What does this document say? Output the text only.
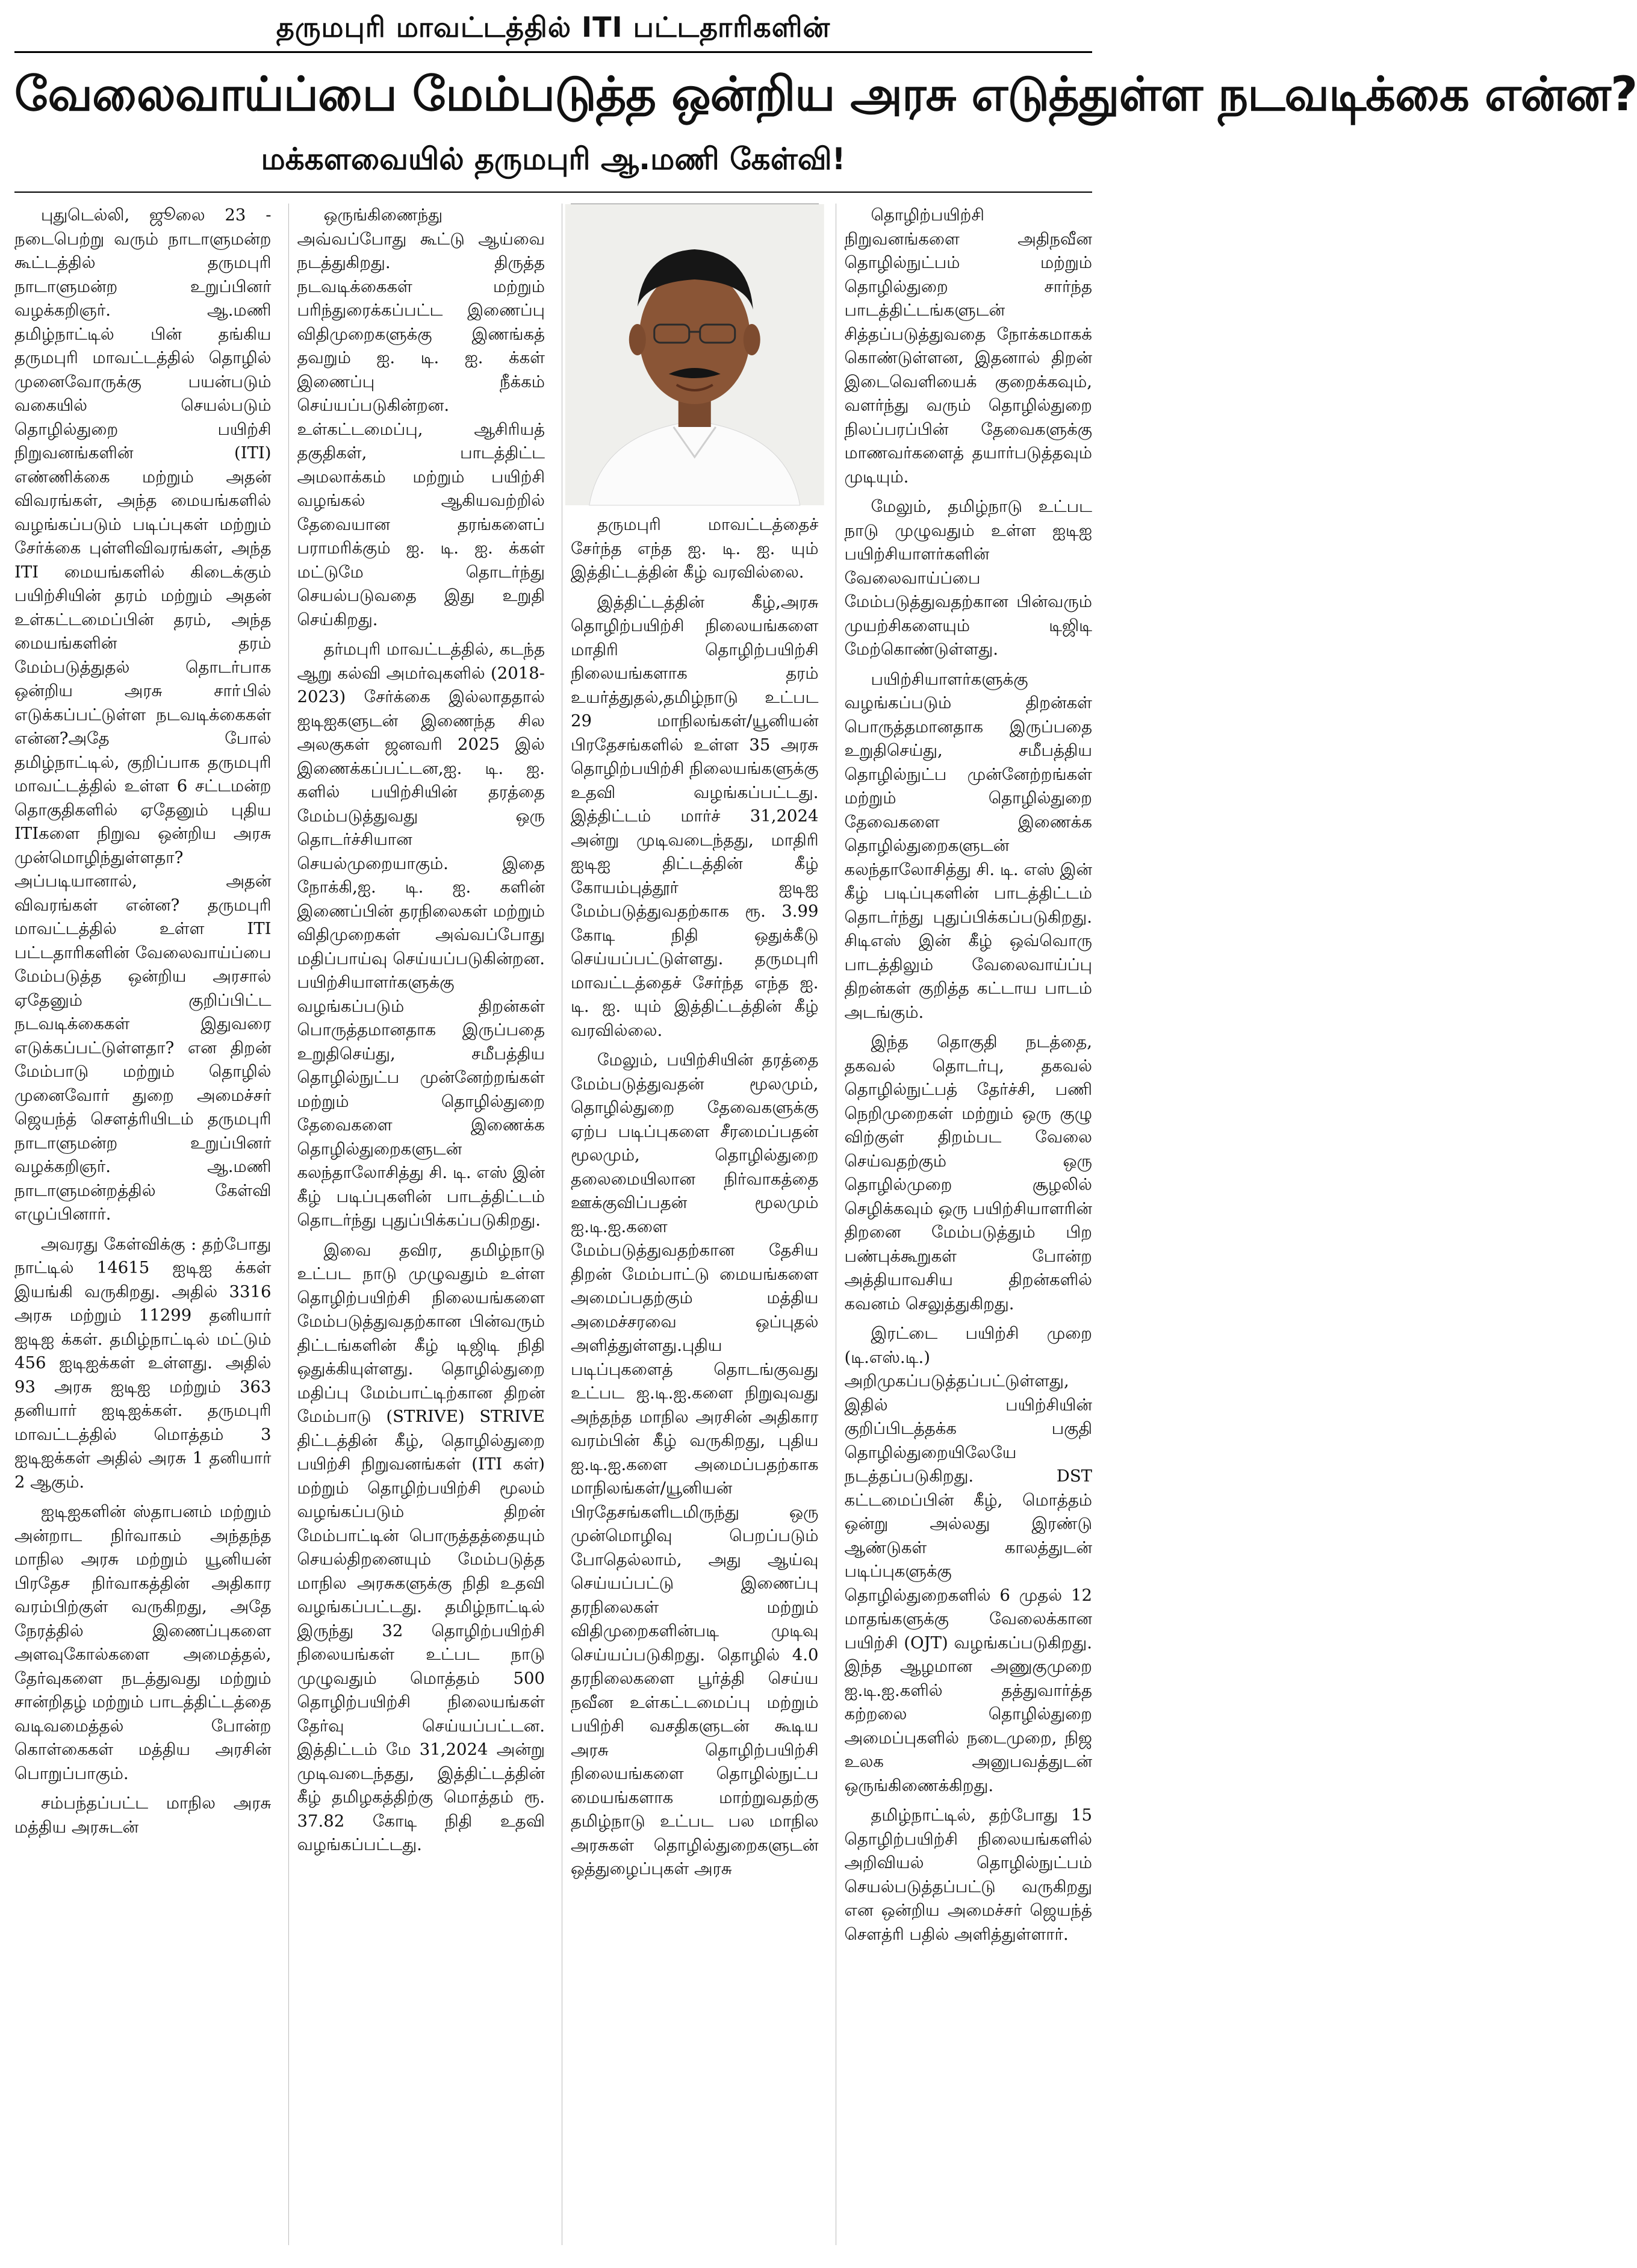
தருமபுரி மாவட்டத்தில் ITI பட்டதாரிகளின்
வேலைவாய்ப்பை மேம்படுத்த ஒன்றிய அரசு எடுத்துள்ள நடவடிக்கை என்ன?
மக்களவையில் தருமபுரி ஆ.மணி கேள்வி!

புதுடெல்லி, ஜூலை 23 - நடைபெற்று வரும் நாடாளுமன்ற கூட்டத்தில் தருமபுரி நாடாளுமன்ற உறுப்பினர் வழக்கறிஞர். ஆ.மணி தமிழ்நாட்டில் பின் தங்கிய தருமபுரி மாவட்டத்தில் தொழில் முனைவோருக்கு பயன்படும் வகையில் செயல்படும் தொழில்துறை பயிற்சி நிறுவனங்களின் (ITI) எண்ணிக்கை மற்றும் அதன் விவரங்கள், அந்த மையங்களில் வழங்கப்படும் படிப்புகள் மற்றும் சேர்க்கை புள்ளிவிவரங்கள், அந்த ITI மையங்களில் கிடைக்கும் பயிற்சியின் தரம் மற்றும் அதன் உள்கட்டமைப்பின் தரம், அந்த மையங்களின் தரம் மேம்படுத்துதல் தொடர்பாக ஒன்றிய அரசு சாா்பில் எடுக்கப்பட்டுள்ள நடவடிக்கைகள் என்ன?அதே போல் தமிழ்நாட்டில், குறிப்பாக தருமபுரி மாவட்டத்தில் உள்ள 6 சட்டமன்ற தொகுதிகளில் ஏதேனும் புதிய ITIகளை நிறுவ ஒன்றிய அரசு முன்மொழிந்துள்ளதா? அப்படியானால், அதன் விவரங்கள் என்ன? தருமபுரி மாவட்டத்தில் உள்ள ITI பட்டதாரிகளின் வேலைவாய்ப்பை மேம்படுத்த ஒன்றிய அரசால் ஏதேனும் குறிப்பிட்ட நடவடிக்கைகள் இதுவரை எடுக்கப்பட்டுள்ளதா? என திறன் மேம்பாடு மற்றும் தொழில் முனைவோர் துறை அமைச்சர் ஜெயந்த் சௌத்ரியிடம் தருமபுரி நாடாளுமன்ற உறுப்பினர் வழக்கறிஞர். ஆ.மணி நாடாளுமன்றத்தில் கேள்வி எழுப்பினார்.

அவரது கேள்விக்கு : தற்போது நாட்டில் 14615 ஐடிஐ க்கள் இயங்கி வருகிறது. அதில் 3316 அரசு மற்றும் 11299 தனியார் ஐடிஐ க்கள். தமிழ்நாட்டில் மட்டும் 456 ஐடிஐக்கள் உள்ளது. அதில் 93 அரசு ஐடிஐ மற்றும் 363 தனியார் ஐடிஐக்கள். தருமபுரி மாவட்டத்தில் மொத்தம் 3 ஐடிஐக்கள் அதில் அரசு 1 தனியார் 2 ஆகும்.

ஐடிஐகளின் ஸ்தாபனம் மற்றும் அன்றாட நிர்வாகம் அந்தந்த மாநில அரசு மற்றும் யூனியன் பிரதேச நிர்வாகத்தின் அதிகார வரம்பிற்குள் வருகிறது, அதே நேரத்தில் இணைப்புகளை அளவுகோல்களை அமைத்தல், தேர்வுகளை நடத்துவது மற்றும் சான்றிதழ் மற்றும் பாடத்திட்டத்தை வடிவமைத்தல் போன்ற கொள்கைகள் மத்திய அரசின் பொறுப்பாகும்.

சம்பந்தப்பட்ட மாநில அரசு மத்திய அரசுடன்

ஒருங்கிணைந்து அவ்வப்போது கூட்டு ஆய்வை நடத்துகிறது. திருத்த நடவடிக்கைகள் மற்றும் பரிந்துரைக்கப்பட்ட இணைப்பு விதிமுறைகளுக்கு இணங்கத் தவறும் ஐ. டி. ஐ. க்கள் இணைப்பு நீக்கம் செய்யப்படுகின்றன. உள்கட்டமைப்பு, ஆசிரியத் தகுதிகள், பாடத்திட்ட அமலாக்கம் மற்றும் பயிற்சி வழங்கல் ஆகியவற்றில் தேவையான தரங்களைப் பராமரிக்கும் ஐ. டி. ஐ. க்கள் மட்டுமே தொடர்ந்து செயல்படுவதை இது உறுதி செய்கிறது.

தர்மபுரி மாவட்டத்தில், கடந்த ஆறு கல்வி அமர்வுகளில் (2018-2023) சேர்க்கை இல்லாததால் ஐடிஐகளுடன் இணைந்த சில அலகுகள் ஜனவரி 2025 இல் இணைக்கப்பட்டன,ஐ. டி. ஐ. களில் பயிற்சியின் தரத்தை மேம்படுத்துவது ஒரு தொடர்ச்சியான செயல்முறையாகும். இதை நோக்கி,ஐ. டி. ஐ. களின் இணைப்பின் தரநிலைகள் மற்றும் விதிமுறைகள் அவ்வப்போது மதிப்பாய்வு செய்யப்படுகின்றன. பயிற்சியாளர்களுக்கு வழங்கப்படும் திறன்கள் பொருத்தமானதாக இருப்பதை உறுதிசெய்து, சமீபத்திய தொழில்நுட்ப முன்னேற்றங்கள் மற்றும் தொழில்துறை தேவைகளை இணைக்க தொழில்துறைகளுடன் கலந்தாலோசித்து சி. டி. எஸ் இன் கீழ் படிப்புகளின் பாடத்திட்டம் தொடர்ந்து புதுப்பிக்கப்படுகிறது.

இவை தவிர, தமிழ்நாடு உட்பட நாடு முழுவதும் உள்ள தொழிற்பயிற்சி நிலையங்களை மேம்படுத்துவதற்கான பின்வரும் திட்டங்களின் கீழ் டிஜிடி நிதி ஒதுக்கியுள்ளது. தொழில்துறை மதிப்பு மேம்பாட்டிற்கான திறன் மேம்பாடு (STRIVE) STRIVE திட்டத்தின் கீழ், தொழில்துறை பயிற்சி நிறுவனங்கள் (ITI கள்) மற்றும் தொழிற்பயிற்சி மூலம் வழங்கப்படும் திறன் மேம்பாட்டின் பொருத்தத்தையும் செயல்திறனையும் மேம்படுத்த மாநில அரசுகளுக்கு நிதி உதவி வழங்கப்பட்டது. தமிழ்நாட்டில் இருந்து 32 தொழிற்பயிற்சி நிலையங்கள் உட்பட நாடு முழுவதும் மொத்தம் 500 தொழிற்பயிற்சி நிலையங்கள் தேர்வு செய்யப்பட்டன. இத்திட்டம் மே 31,2024 அன்று முடிவடைந்தது, இத்திட்டத்தின் கீழ் தமிழகத்திற்கு மொத்தம் ரூ. 37.82 கோடி நிதி உதவி வழங்கப்பட்டது.

தருமபுரி மாவட்டத்தைச் சேர்ந்த எந்த ஐ. டி. ஐ. யும் இத்திட்டத்தின் கீழ் வரவில்லை.

இத்திட்டத்தின் கீழ்,அரசு தொழிற்பயிற்சி நிலையங்களை மாதிரி தொழிற்பயிற்சி நிலையங்களாக தரம் உயர்த்துதல்,தமிழ்நாடு உட்பட 29 மாநிலங்கள்/யூனியன் பிரதேசங்களில் உள்ள 35 அரசு தொழிற்பயிற்சி நிலையங்களுக்கு உதவி வழங்கப்பட்டது. இத்திட்டம் மார்ச் 31,2024 அன்று முடிவடைந்தது, மாதிரி ஐடிஐ திட்டத்தின் கீழ் கோயம்புத்தூர் ஐடிஐ மேம்படுத்துவதற்காக ரூ. 3.99 கோடி நிதி ஒதுக்கீடு செய்யப்பட்டுள்ளது. தருமபுரி மாவட்டத்தைச் சேர்ந்த எந்த ஐ. டி. ஐ. யும் இத்திட்டத்தின் கீழ் வரவில்லை.

மேலும், பயிற்சியின் தரத்தை மேம்படுத்துவதன் மூலமும், தொழில்துறை தேவைகளுக்கு ஏற்ப படிப்புகளை சீரமைப்பதன் மூலமும், தொழில்துறை தலைமையிலான நிர்வாகத்தை ஊக்குவிப்பதன் மூலமும் ஐ.டி.ஐ.களை மேம்படுத்துவதற்கான தேசிய திறன் மேம்பாட்டு மையங்களை அமைப்பதற்கும் மத்திய அமைச்சரவை ஒப்புதல் அளித்துள்ளது.புதிய படிப்புகளைத் தொடங்குவது உட்பட ஐ.டி.ஐ.களை நிறுவுவது அந்தந்த மாநில அரசின் அதிகார வரம்பின் கீழ் வருகிறது, புதிய ஐ.டி.ஐ.களை அமைப்பதற்காக மாநிலங்கள்/யூனியன் பிரதேசங்களிடமிருந்து ஒரு முன்மொழிவு பெறப்படும் போதெல்லாம், அது ஆய்வு செய்யப்பட்டு இணைப்பு தரநிலைகள் மற்றும் விதிமுறைகளின்படி முடிவு செய்யப்படுகிறது. தொழில் 4.0 தரநிலைகளை பூர்த்தி செய்ய நவீன உள்கட்டமைப்பு மற்றும் பயிற்சி வசதிகளுடன் கூடிய அரசு தொழிற்பயிற்சி நிலையங்களை தொழில்நுட்ப மையங்களாக மாற்றுவதற்கு தமிழ்நாடு உட்பட பல மாநில அரசுகள் தொழில்துறைகளுடன் ஒத்துழைப்புகள் அரசு

தொழிற்பயிற்சி நிறுவனங்களை அதிநவீன தொழில்நுட்பம் மற்றும் தொழில்துறை சார்ந்த பாடத்திட்டங்களுடன் சித்தப்படுத்துவதை நோக்கமாகக் கொண்டுள்ளன, இதனால் திறன் இடைவெளியைக் குறைக்கவும், வளர்ந்து வரும் தொழில்துறை நிலப்பரப்பின் தேவைகளுக்கு மாணவர்களைத் தயார்படுத்தவும் முடியும்.

மேலும், தமிழ்நாடு உட்பட நாடு முழுவதும் உள்ள ஐடிஐ பயிற்சியாளர்களின் வேலைவாய்ப்பை மேம்படுத்துவதற்கான பின்வரும் முயற்சிகளையும் டிஜிடி மேற்கொண்டுள்ளது.

பயிற்சியாளர்களுக்கு வழங்கப்படும் திறன்கள் பொருத்தமானதாக இருப்பதை உறுதிசெய்து, சமீபத்திய தொழில்நுட்ப முன்னேற்றங்கள் மற்றும் தொழில்துறை தேவைகளை இணைக்க தொழில்துறைகளுடன் கலந்தாலோசித்து சி. டி. எஸ் இன் கீழ் படிப்புகளின் பாடத்திட்டம் தொடர்ந்து புதுப்பிக்கப்படுகிறது. சிடிஎஸ் இன் கீழ் ஒவ்வொரு பாடத்திலும் வேலைவாய்ப்பு திறன்கள் குறித்த கட்டாய பாடம் அடங்கும்.

இந்த தொகுதி நடத்தை, தகவல் தொடர்பு, தகவல் தொழில்நுட்பத் தேர்ச்சி, பணி நெறிமுறைகள் மற்றும் ஒரு குழு விற்குள் திறம்பட வேலை செய்வதற்கும் ஒரு தொழில்முறை சூழலில் செழிக்கவும் ஒரு பயிற்சியாளரின் திறனை மேம்படுத்தும் பிற பண்புக்கூறுகள் போன்ற அத்தியாவசிய திறன்களில் கவனம் செலுத்துகிறது.

இரட்டை பயிற்சி முறை (டி.எஸ்.டி.) அறிமுகப்படுத்தப்பட்டுள்ளது, இதில் பயிற்சியின் குறிப்பிடத்தக்க பகுதி தொழில்துறையிலேயே நடத்தப்படுகிறது. DST கட்டமைப்பின் கீழ், மொத்தம் ஒன்று அல்லது இரண்டு ஆண்டுகள் காலத்துடன் படிப்புகளுக்கு தொழில்துறைகளில் 6 முதல் 12 மாதங்களுக்கு வேலைக்கான பயிற்சி (OJT) வழங்கப்படுகிறது. இந்த ஆழமான அணுகுமுறை ஐ.டி.ஐ.களில் தத்துவார்த்த கற்றலை தொழில்துறை அமைப்புகளில் நடைமுறை, நிஜ உலக அனுபவத்துடன் ஒருங்கிணைக்கிறது.

தமிழ்நாட்டில், தற்போது 15 தொழிற்பயிற்சி நிலையங்களில் அறிவியல் தொழில்நுட்பம் செயல்படுத்தப்பட்டு வருகிறது என ஒன்றிய அமைச்சர் ஜெயந்த் சௌத்ரி பதில் அளித்துள்ளார்.
